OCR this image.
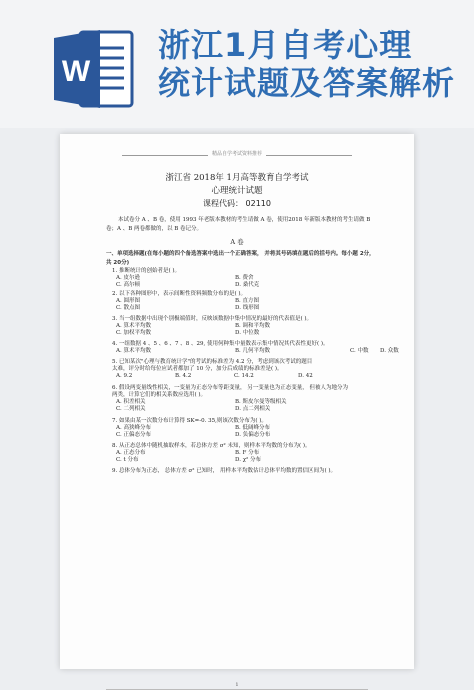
W
浙江1月自考心理
统计试题及答案解析
精品自学考试资料推荐
浙江省 2018年 1月高等教育自学考试
心理统计试题
课程代码： 02110
本试卷分 A 、B 卷，使用 1993 年老版本教材的考生请做 A 卷，使用2018 年新版本教材的考生请做 B 卷；A 、B 两卷都做的，以 B 卷记分。
A 卷
一、单项选择题(在每小题的四个备选答案中选出一个正确答案， 并将其号码填在题后的括号内。每小题 2分，共 20分)

1. 推断统计的创始者是( )。

A. 皮尔逊	B. 费舍

C. 高尔顿	D. 桑代克

2. 以下各种图形中，表示间断性资料频数分布的是( )。

A. 圆形图	B. 直方图

C. 散点图	D. 线形图

3. 当一组数据中出现个别极端值时，反映该数据中集中情况的最好的代表值是( )。

A. 算术平均数	B. 调和平均数

C. 加权平均数	D. 中位数

4. 一组数据 4 、5 、6 、7 、8 、29, 使用何种集中量数表示集中情况其代表性更好( )。

A. 算术平均数	B. 几何平均数	C. 中数 D. 众数

5. 已知某次"心理与教育统计学"的考试的标准差为 4.2 分，考虑到该次考试的题目

太难，评分时给每位应试者都加了 10 分，加分后成绩的标准差是( )。

A. 9.2	B. 4.2	C. 14.2	D. 42

6. 假设两变量线性相关，一变量为正态分布等距变量， 另一变量也为正态变量， 但被人为地分为

两类，计算它们的相关系数应选用( )。

A. 积差相关	B. 斯皮尔曼等级相关

C. 二列相关	D. 点二列相关

7. 如果由某一次数分布计算得 SK=-0. 35,则该次数分布为( )。

A. 高狭峰分布	B. 低阔峰分布

C. 正偏态分布	D. 负偏态分布

8. 从正态总体中随机抽取样本，若总体方差 σ² 未知，则样本平均数的分布为( )。

A. 正态分布	B. F 分布

C. t 分布	D. χ² 分布

9. 总体分布为正态， 总体方差 σ² 已知时， 用样本平均数估计总体平均数的置信区间为( )。

1
